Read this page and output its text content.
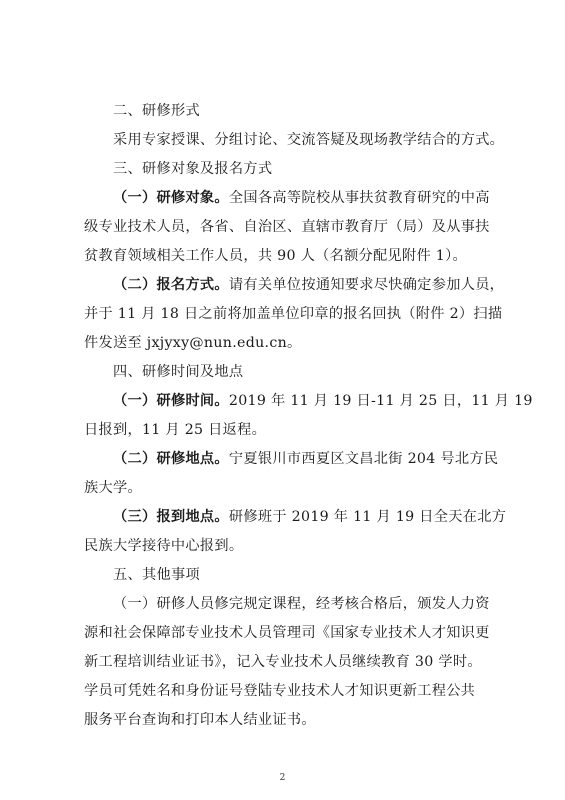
二、研修形式
采用专家授课、分组讨论、交流答疑及现场教学结合的方式。
三、研修对象及报名方式
（一）研修对象。全国各高等院校从事扶贫教育研究的中高
级专业技术人员，各省、自治区、直辖市教育厅（局）及从事扶
贫教育领域相关工作人员，共 90 人（名额分配见附件 1）。
（二）报名方式。请有关单位按通知要求尽快确定参加人员，
并于 11 月 18 日之前将加盖单位印章的报名回执（附件 2）扫描
件发送至 jxjyxy@nun.edu.cn。
四、研修时间及地点
（一）研修时间。2019 年 11 月 19 日-11 月 25 日，11 月 19
日报到，11 月 25 日返程。
（二）研修地点。宁夏银川市西夏区文昌北街 204 号北方民
族大学。
（三）报到地点。研修班于 2019 年 11 月 19 日全天在北方
民族大学接待中心报到。
五、其他事项
（一）研修人员修完规定课程，经考核合格后，颁发人力资
源和社会保障部专业技术人员管理司《国家专业技术人才知识更
新工程培训结业证书》，记入专业技术人员继续教育 30 学时。
学员可凭姓名和身份证号登陆专业技术人才知识更新工程公共
服务平台查询和打印本人结业证书。
2
